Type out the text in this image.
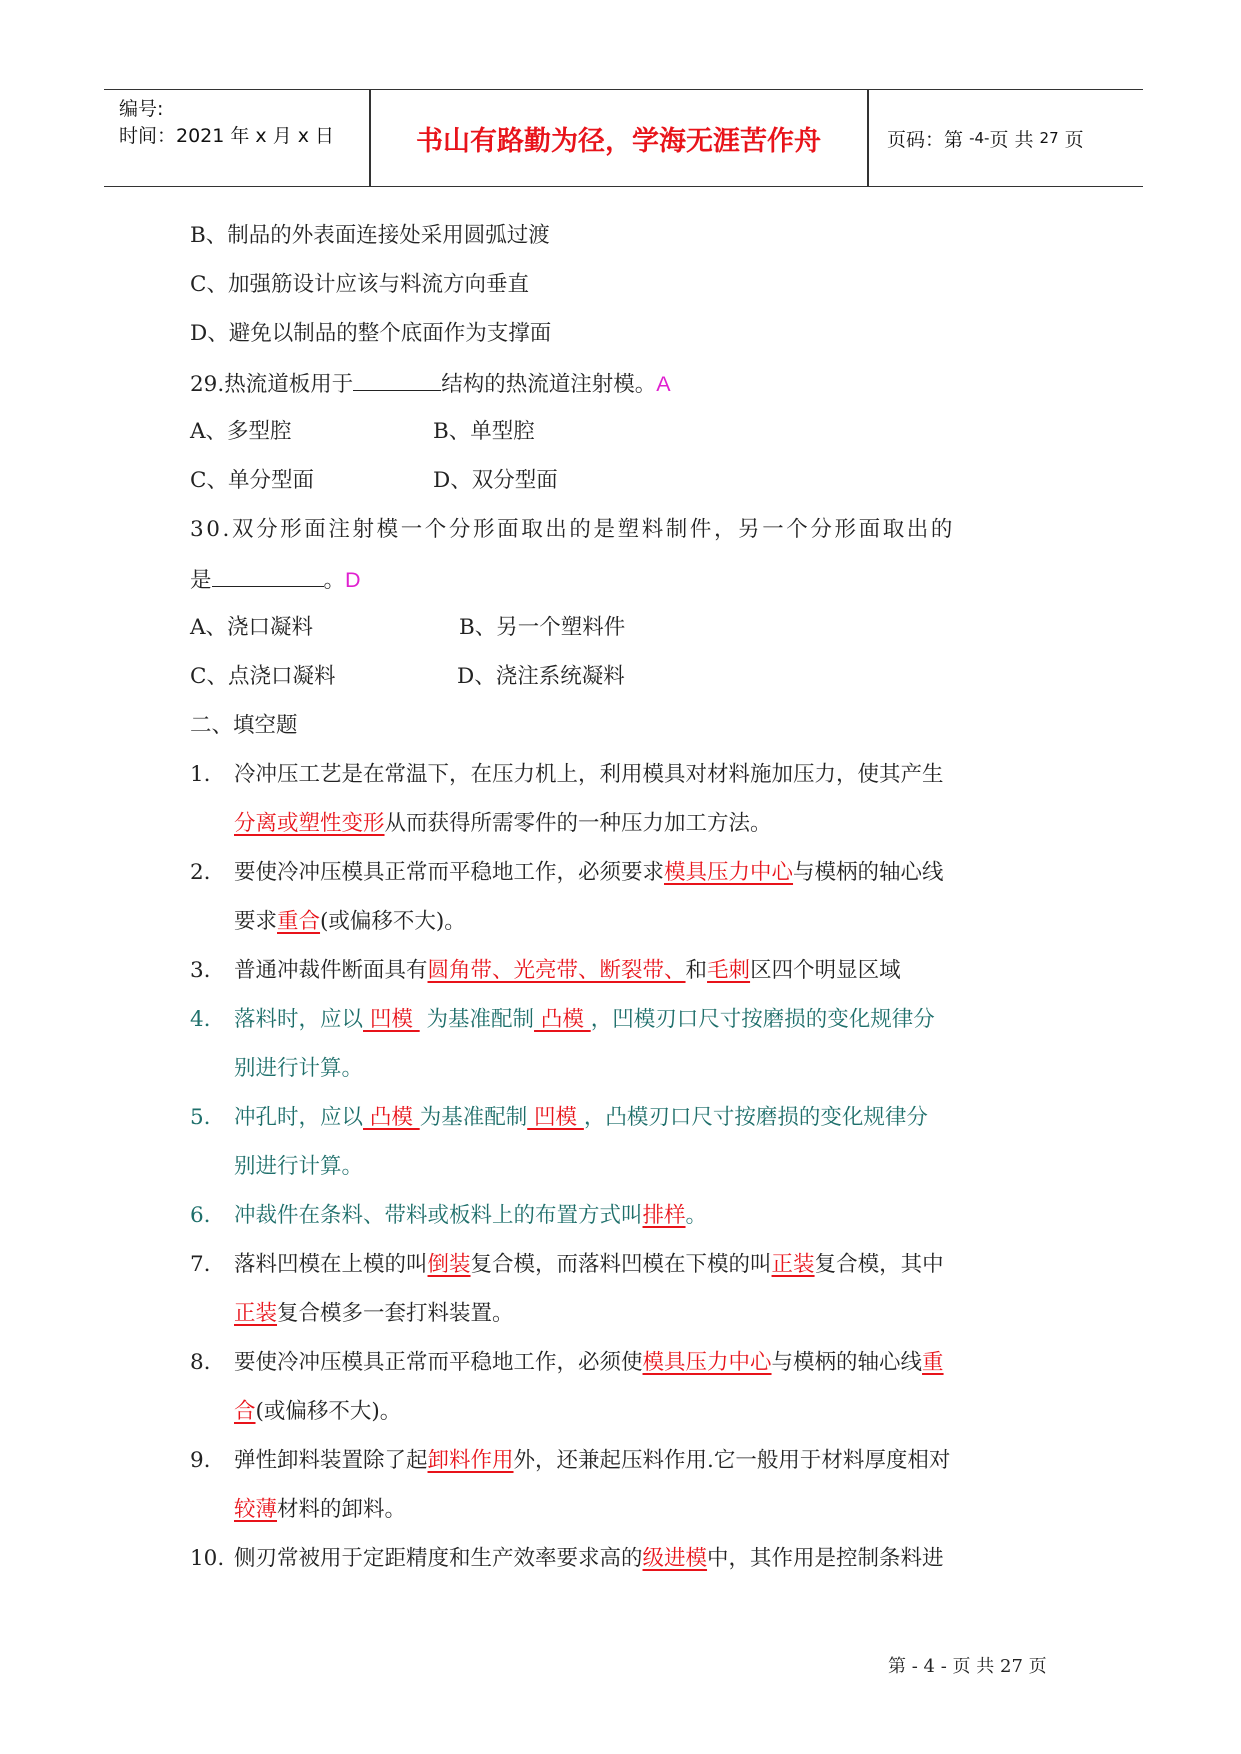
编号:
时间：2021 年 x 月 x 日	书山有路勤为径，学海无涯苦作舟	页码：第
-4- 页 共
27
页
B、制品的外表面连接处采用圆弧过渡
C、加强筋设计应该与料流方向垂直
D、避免以制品的整个底面作为支撑面
29.热流道板用于	结构的热流道注射模。A
A、多型腔	B、单型腔
C、单分型面	D、双分型面
30.双分形面注射模一个分形面取出的是塑料制件，另一个分形面取出的
是	。D
A、浇口凝料	B、另一个塑料件
C、点浇口凝料	D、浇注系统凝料
二、填空题
1. 冷冲压工艺是在常温下，在压力机上，利用模具对材料施加压力，使其产生
分离或塑性变形从而获得所需零件的一种压力加工方法。
2. 要使冷冲压模具正常而平稳地工作，必须要求模具压力中心与模柄的轴心线
要求重合(或偏移不大)。
3. 普通冲裁件断面具有圆角带、光亮带、断裂带、和毛刺区四个明显区域
4. 落料时，应以 凹模  为基准配制 凸模 ，凹模刃口尺寸按磨损的变化规律分
别进行计算。
5. 冲孔时，应以 凸模 为基准配制 凹模 ，凸模刃口尺寸按磨损的变化规律分
别进行计算。
6. 冲裁件在条料、带料或板料上的布置方式叫排样。
7. 落料凹模在上模的叫倒装复合模，而落料凹模在下模的叫正装复合模，其中
正装复合模多一套打料装置。
8. 要使冷冲压模具正常而平稳地工作，必须使模具压力中心与模柄的轴心线重
合(或偏移不大)。
9. 弹性卸料装置除了起卸料作用外，还兼起压料作用.它一般用于材料厚度相对
较薄材料的卸料。
10. 侧刃常被用于定距精度和生产效率要求高的级进模中，其作用是控制条料进
第 - 4 - 页 共 27 页
